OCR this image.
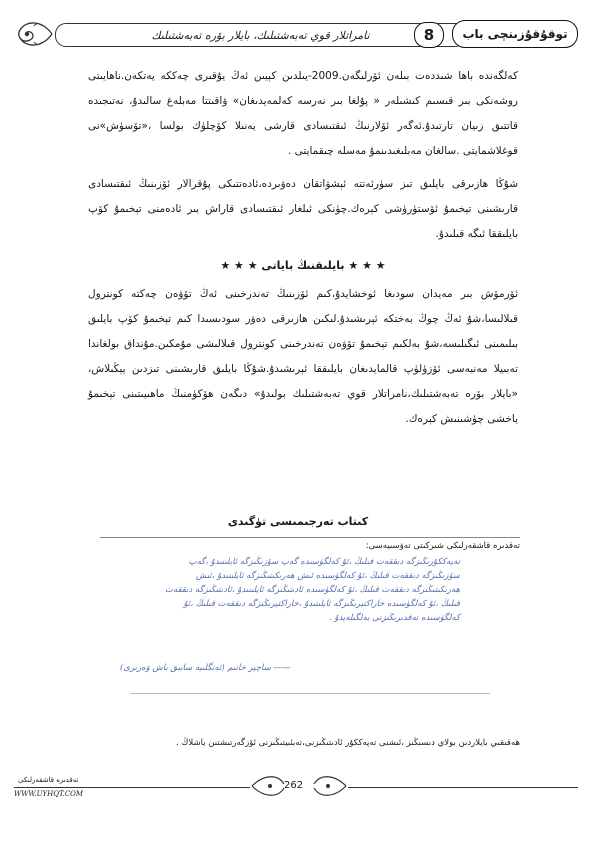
نامراتلار قوي تەبەشتىلىك، بايلار بۆرە تەبەشتىلىك	8	توقۇقۇزىنچى باب

كەلگەندە باھا شىددەت بىلەن ئۆرلىگەن.2009-يىلدىن كېيىن ئەڭ يۇقىرى چەككە يەتكەن.ناھايىتى روشەنكى بىر قىسىم كىشىلەر « پۇلغا بىر نەرسە كەلمەيدىغان» ۋاقىتتا مەبلەغ سالىدۇ، نەتىجىدە قاتتىق زىيان تارتىدۇ.ئەگەر ئۆلارنىڭ ئىقتىسادى قارشى يەنىلا كۆچلۈك بولسا ،«تۆسۈش»نى قوغلاشمايتى .سالغان مەبلىغىدىنمۇ مەسلە چىقمايتى .

شۇڭا ھازىرقى بايلىق تىز سۈرئەتتە ئېشۋاتقان دەۋىردە،ئادەتتىكى پۇقرالار ئۆزىنىڭ ئىقتىسادى قارىشىنى تېخىمۇ ئۆستۈرۈشى كېرەك.چۈنكى ئىلغار ئىقتىسادى قاراش بىر ئادەمنى تېخىمۇ كۆپ بايلىققا ئىگە قىلىدۇ.

★ ★ ★ بايلىقنىڭ باياتى ★ ★ ★

ئۆرمۆش بىر مەيدان سودىغا ئوخشايدۇ،كىم ئۆزىنىڭ تەندرخىنى ئەڭ تۆۋەن چەكتە كونترول قىلالىسا،شۇ ئەڭ چوڭ بەختكە ئېرىشىدۇ.لىكىن ھازىرقى دەۋر سودىسىدا كىم تېخىمۇ كۆپ بايلىق بىلىمىنى ئىگىلىسە،شۇ بەلكىم تېخىمۇ تۆۋەن تەندرخىنى كونترول قىلالىشى مۇمكىن.مۇنداق بولغاندا تەبىيلا مەنبەسى ئۆزۈلۈپ قالمايدىغان بايلىققا ئېرىشىدۇ.شۇڭا بايلىق قارىشىنى تىزدىن يېڭىلاش، «بايلار بۆرە تەبەشتىلىك،نامراتلار قوي تەبەشتىلىك بولىدۇ» دىگەن ھۆكۈمنىڭ ماھىيىتىنى تېخىمۇ ياخشى چۈشىنىش كېرەك.

كىتاب تەرجىمىسى تۈگىدى
تەقدىرە قاشقەرلىكى شىركىتى تەۋسىيەسى:
تەپەككۇرىڭىزگە دىققەت قىلىڭ ،ئۇ كەلگۈسىدە گەپ سۆزىڭىزگە ئايلىنىدۇ ،گەپ
سۆزىڭىزگە دىققەت قىلىڭ ،ئۇ كەلگۈسىدە ئىش ھەرىكىتىڭىزگە ئايلىنىدۇ ،ئىش
ھەرىكىتىڭىزگە دىققەت قىلىڭ ،ئۇ كەلگۈسىدە ئادىتىڭىزگە ئايلىنىدۇ ،ئادىتىڭىزگە دىققەت
قىلىڭ ،ئۇ كەلگۈسىدە خاراكتېرىڭىزگە ئايلىنىدۇ ،خاراكتېرىڭىزگە دىققەت قىلىڭ ،ئۇ
كەلگۈسىدە تەقدىرىڭىزنى بەلگىلەيدۇ .
—— ساچېر خانىم (ئەنگلىيە سابىق باش ۋەزىرى)
ھەقىقىي بايلاردىن بولاي دىسىڭىز ،ئىشنى تەپەككۇر ئادىتىڭىزنى،تەبئىيتىڭىزنى ئۆزگەرتىشتىن باشلاڭ .
تەقدىرە قاشقەرلىكى
WWW.UYHQT.COM
262
